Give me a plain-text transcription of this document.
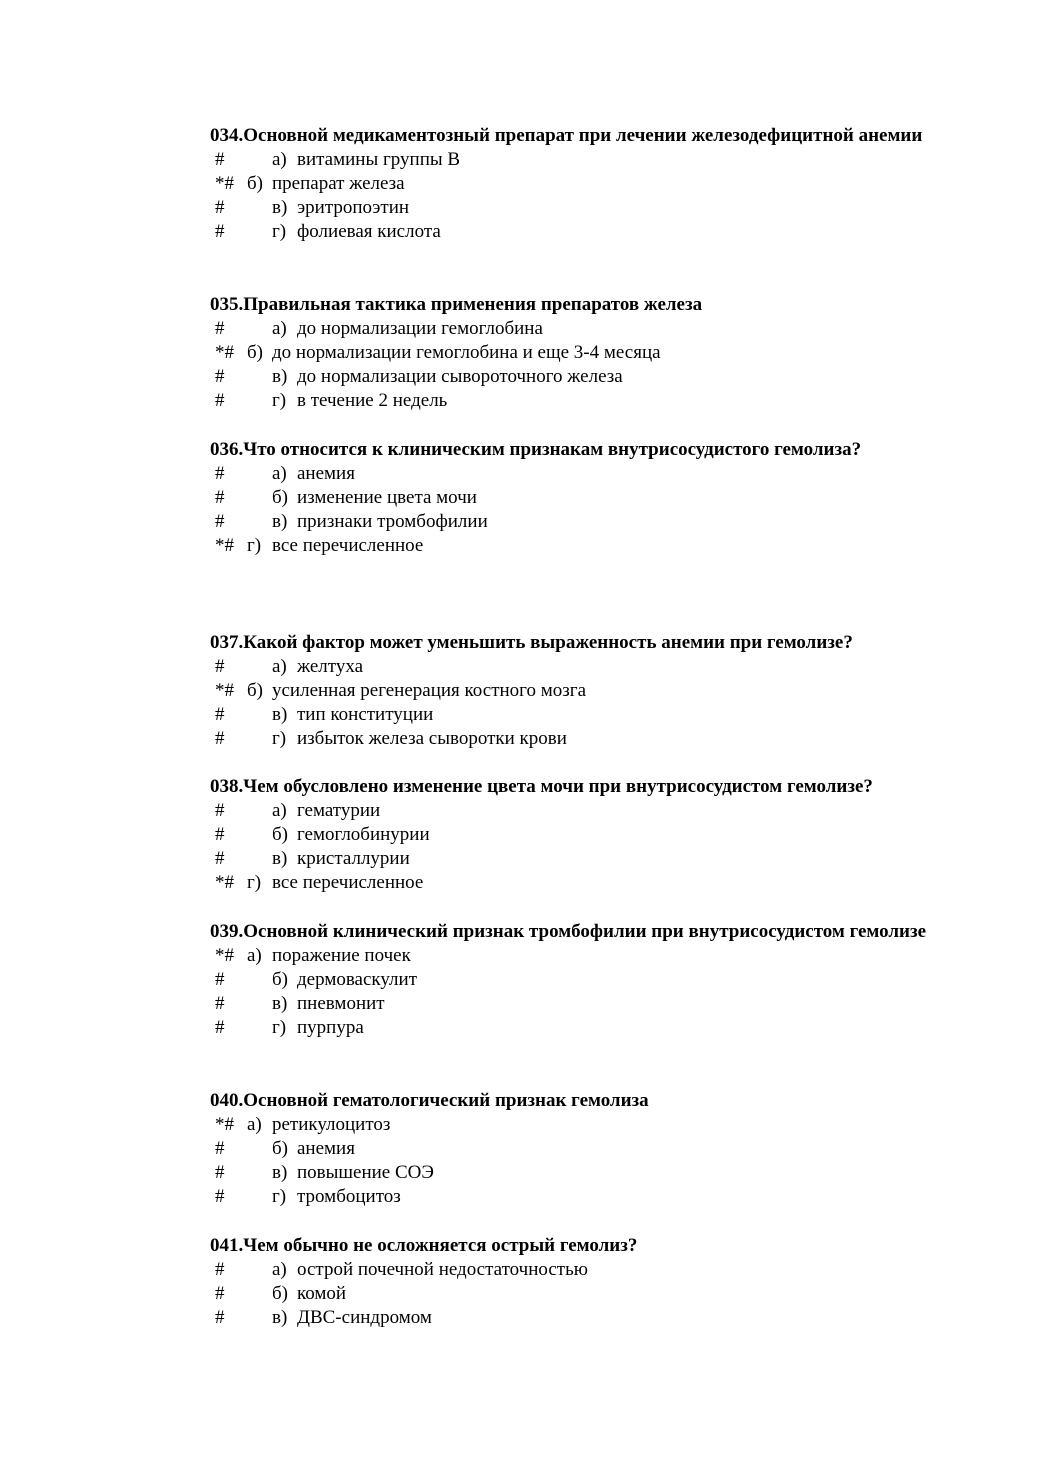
034.Основной медикаментозный препарат при лечении железодефицитной анемии

#	а) витамины группы В
*# б) препарат железа
#	в) эритропоэтин
#	г) фолиевая кислота

035.Правильная тактика применения препаратов железа

#	а) до нормализации гемоглобина
*# б) до нормализации гемоглобина и еще 3-4 месяца
#	в) до нормализации сывороточного железа
#	г) в течение 2 недель

036.Что относится к клиническим признакам внутрисосудистого гемолиза?

#	а) анемия
#	б) изменение цвета мочи
#	в) признаки тромбофилии
*# г) все перечисленное

037.Какой фактор может уменьшить выраженность анемии при гемолизе?

#	а) желтуха
*# б) усиленная регенерация костного мозга
#	в) тип конституции
#	г) избыток железа сыворотки крови

038.Чем обусловлено изменение цвета мочи при внутрисосудистом гемолизе?

#	а) гематурии
#	б) гемоглобинурии
#	в) кристаллурии
*# г) все перечисленное

039.Основной клинический признак тромбофилии при внутрисосудистом гемолизе

*# а) поражение почек
#	б) дермоваскулит
#	в) пневмонит
#	г) пурпура

040.Основной гематологический признак гемолиза

*# а) ретикулоцитоз
#	б) анемия
#	в) повышение СОЭ
#	г) тромбоцитоз

041.Чем обычно не осложняется острый гемолиз?

#	а) острой почечной недостаточностью
#	б) комой
#	в) ДВС-синдромом
